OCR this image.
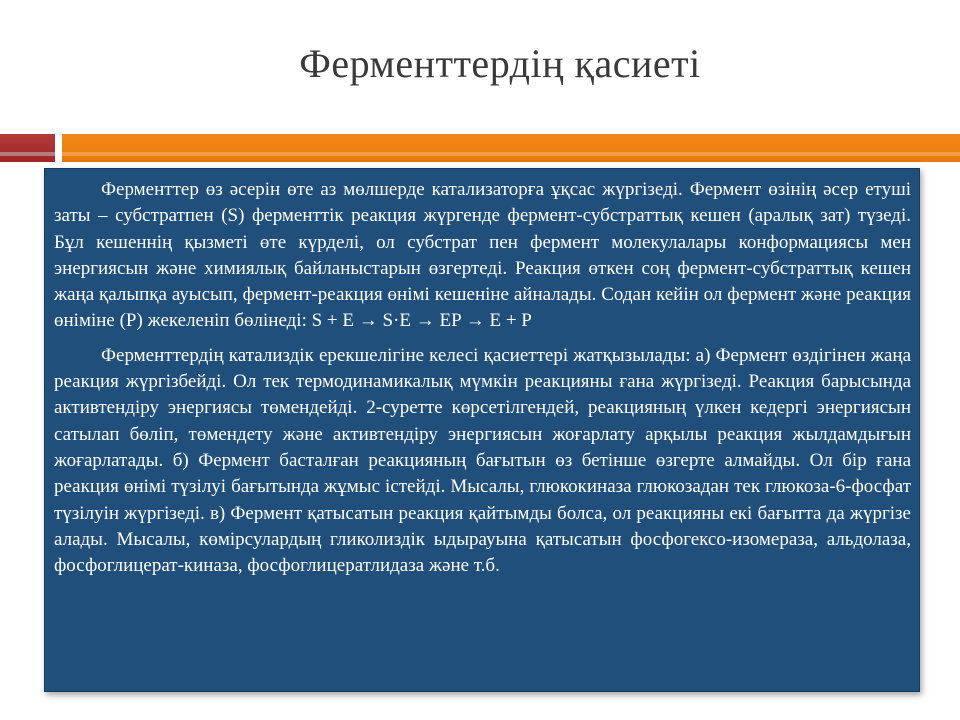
Ферменттердің қасиеті

Ферменттер өз әсерін өте аз мөлшерде катализаторға ұқсас жүргізеді. Фермент өзінің әсер етуші заты – субстратпен (S) ферменттік реакция жүргенде фермент-субстраттық кешен (аралық зат) түзеді. Бұл кешеннің қызметі өте күрделі, ол субстрат пен фермент молекулалары конформациясы мен энергиясын және химиялық байланыстарын өзгертеді. Реакция өткен соң фермент-субстраттық кешен жаңа қалыпқа ауысып, фермент-реакция өнімі кешеніне айналады. Содан кейін ол фермент және реакция өніміне (P) жекеленіп бөлінеді: S + E → S·E → EP → E + P

Ферменттердің катализдік ерекшелігіне келесі қасиеттері жатқызылады: а) Фермент өздігінен жаңа реакция жүргізбейді. Ол тек термодинамикалық мүмкін реакцияны ғана жүргізеді. Реакция барысында активтендіру энергиясы төмендейді. 2-суретте көрсетілгендей, реакцияның үлкен кедергі энергиясын сатылап бөліп, төмендету және активтендіру энергиясын жоғарлату арқылы реакция жылдамдығын жоғарлатады. б) Фермент басталған реакцияның бағытын өз бетінше өзгерте алмайды. Ол бір ғана реакция өнімі түзілуі бағытында жұмыс істейді. Мысалы, глюкокиназа глюкозадан тек глюкоза-6-фосфат түзілуін жүргізеді. в) Фермент қатысатын реакция қайтымды болса, ол реакцияны екі бағытта да жүргізе алады. Мысалы, көмірсулардың гликолиздік ыдырауына қатысатын фосфогексо-изомераза, альдолаза, фосфоглицерат-киназа, фосфоглицератлидаза және т.б.
